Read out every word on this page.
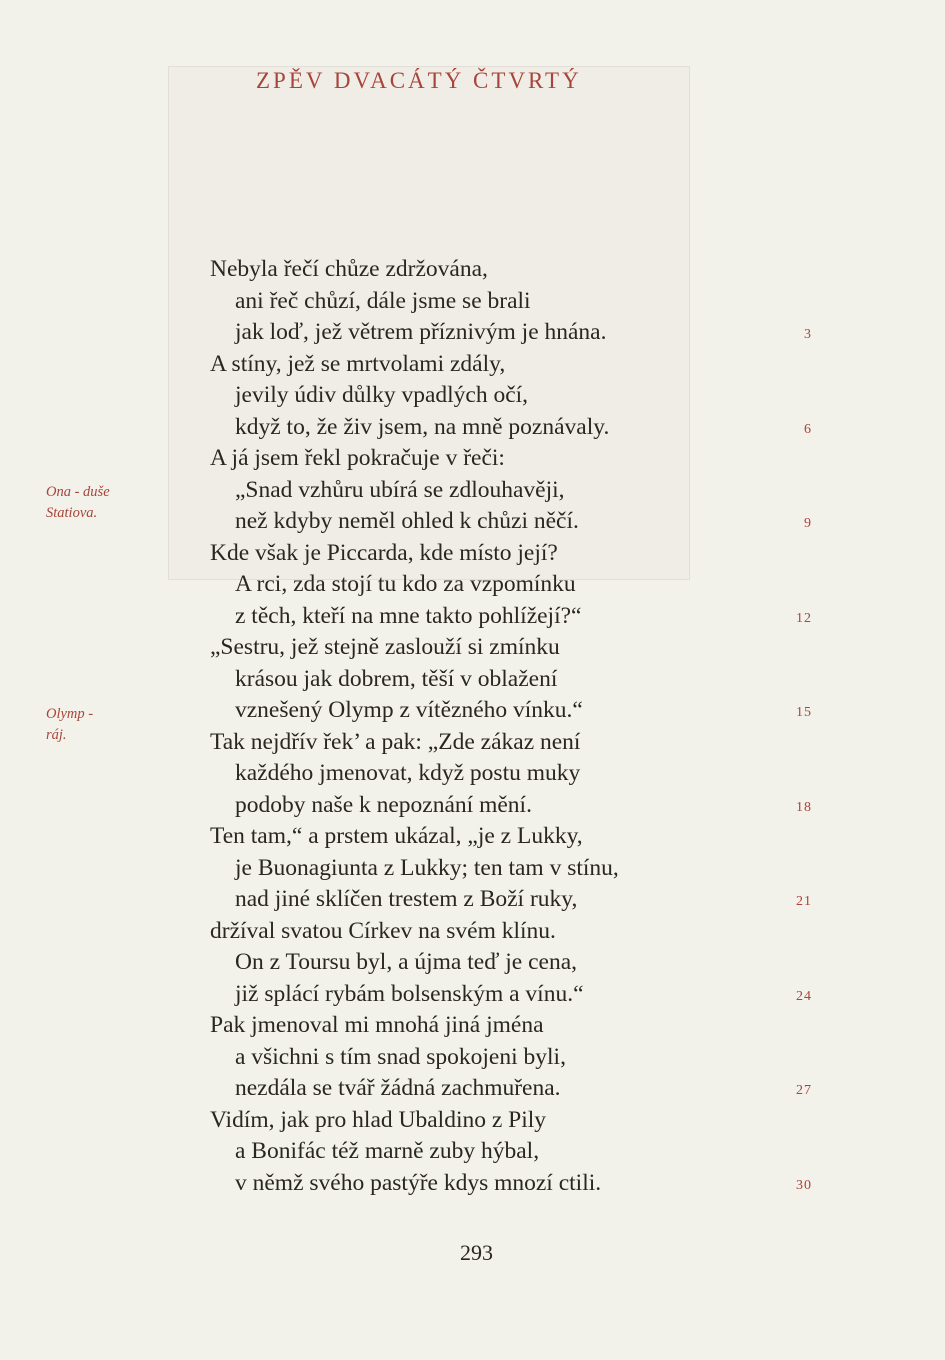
ZPĚV DVACÁTÝ ČTVRTÝ
Ona - duše
Statiova.
Olymp -
ráj.
Nebyla řečí chůze zdržována,
ani řeč chůzí, dále jsme se brali
jak loď, jež větrem příznivým je hnána.
A stíny, jež se mrtvolami zdály,
jevily údiv důlky vpadlých očí,
když to, že živ jsem, na mně poznávaly.
A já jsem řekl pokračuje v řeči:
„Snad vzhůru ubírá se zdlouhavěji,
než kdyby neměl ohled k chůzi něčí.
Kde však je Piccarda, kde místo její?
A rci, zda stojí tu kdo za vzpomínku
z těch, kteří na mne takto pohlížejí?“
„Sestru, jež stejně zaslouží si zmínku
krásou jak dobrem, těší v oblažení
vznešený Olymp z vítězného vínku.“
Tak nejdřív řek’ a pak: „Zde zákaz není
každého jmenovat, když postu muky
podoby naše k nepoznání mění.
Ten tam,“ a prstem ukázal, „je z Lukky,
je Buonagiunta z Lukky; ten tam v stínu,
nad jiné sklíčen trestem z Boží ruky,
držíval svatou Církev na svém klínu.
On z Toursu byl, a újma teď je cena,
již splácí rybám bolsenským a vínu.“
Pak jmenoval mi mnohá jiná jména
a všichni s tím snad spokojeni byli,
nezdála se tvář žádná zachmuřena.
Vidím, jak pro hlad Ubaldino z Pily
a Bonifác též marně zuby hýbal,
v němž svého pastýře kdys mnozí ctili.
3
6
9
12
15
18
21
24
27
30
293
